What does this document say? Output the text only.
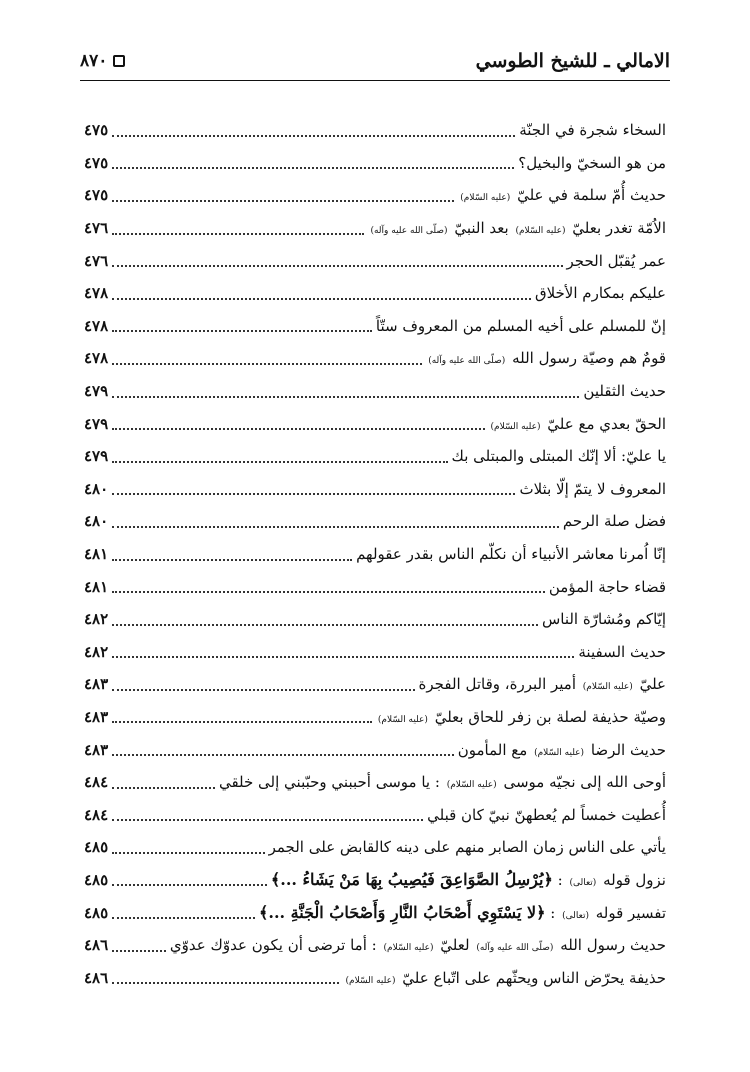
الامالي ـ للشيخ الطوسي
٨٧٠
السخاء شجرة في الجنّة
٤٧٥
من هو السخيّ والبخيل؟
٤٧٥
حديث أُمّ سلمة في عليّ (عليه السّلام)
٤٧٥
الاُمّة تغدر بعليّ (عليه السّلام) بعد النبيّ (صلّى الله عليه وآله)
٤٧٦
عمر يُقبّل الحجر
٤٧٦
عليكم بمكارم الأخلاق
٤٧٨
إنّ للمسلم على أخيه المسلم من المعروف ستّاً
٤٧٨
قومٌ هم وصيّة رسول الله (صلّى الله عليه وآله)
٤٧٨
حديث الثقلين
٤٧٩
الحقّ بعدي مع عليّ (عليه السّلام)
٤٧٩
يا عليّ: ألا إنّك المبتلى والمبتلى بك
٤٧٩
المعروف لا يتمّ إلّا بثلاث
٤٨٠
فضل صلة الرحم
٤٨٠
إنّا اُمرنا معاشر الأنبياء أن نكلّم الناس بقدر عقولهم
٤٨١
قضاء حاجة المؤمن
٤٨١
إيّاكم ومُشارّة الناس
٤٨٢
حديث السفينة
٤٨٢
عليّ (عليه السّلام) أمير البررة، وقاتل الفجرة
٤٨٣
وصيّة حذيفة لصلة بن زفر للحاق بعليّ (عليه السّلام)
٤٨٣
حديث الرضا (عليه السّلام) مع المأمون
٤٨٣
أوحى الله إلى نجيّه موسى (عليه السّلام) : يا موسى أحببني وحبّبني إلى خلقي
٤٨٤
أُعطيت خمساً لم يُعطهنّ نبيّ كان قبلي
٤٨٤
يأتي على الناس زمان الصابر منهم على دينه كالقابض على الجمر
٤٨٥
نزول قوله (تعالى) : ﴿يُرْسِلُ الصَّوَاعِقَ فَيُصِيبُ بِهَا مَنْ يَشَاءُ ...﴾
٤٨٥
تفسير قوله (تعالى) : ﴿لا يَسْتَوِي أَصْحَابُ النَّارِ وَأَصْحَابُ الْجَنَّةِ ...﴾
٤٨٥
حديث رسول الله (صلّى الله عليه وآله) لعليّ (عليه السّلام) : أما ترضى أن يكون عدوّك عدوّي
٤٨٦
حذيفة يحرّض الناس ويحثّهم على اتّباع عليّ (عليه السّلام)
٤٨٦
